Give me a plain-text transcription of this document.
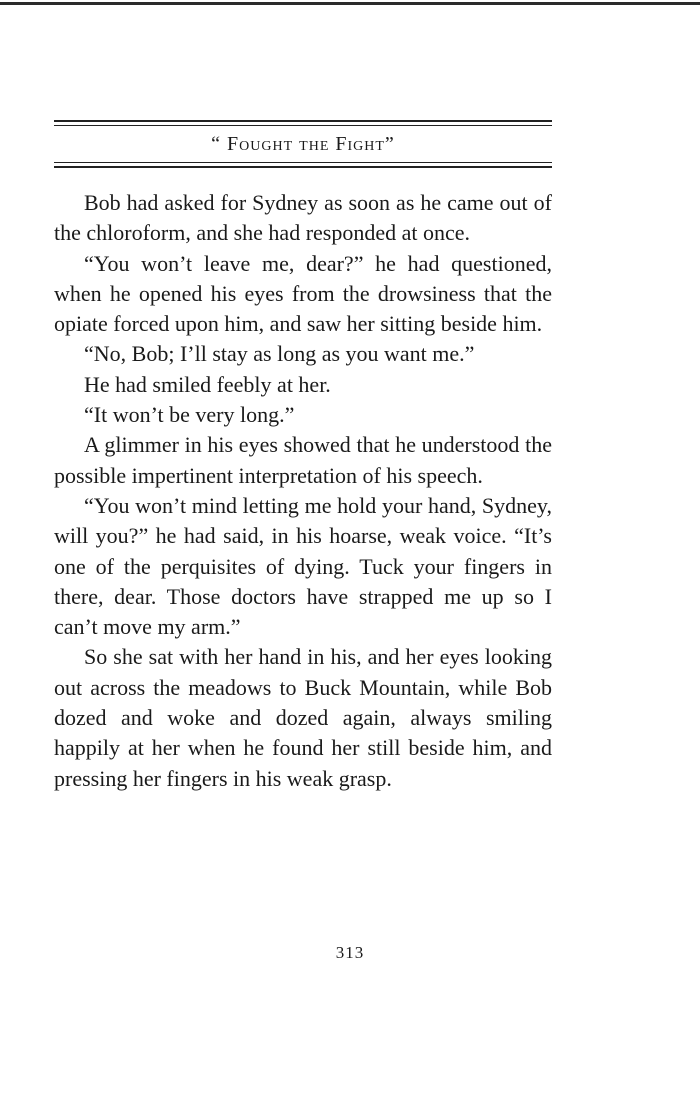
“ Fought the Fight”

Bob had asked for Sydney as soon as he came out of the chloroform, and she had responded at once.

“You won’t leave me, dear?” he had questioned, when he opened his eyes from the drowsiness that the opiate forced upon him, and saw her sitting beside him.

“No, Bob; I’ll stay as long as you want me.”

He had smiled feebly at her.

“It won’t be very long.”

A glimmer in his eyes showed that he understood the possible impertinent interpretation of his speech.

“You won’t mind letting me hold your hand, Sydney, will you?” he had said, in his hoarse, weak voice. “It’s one of the perquisites of dying. Tuck your fingers in there, dear. Those doctors have strapped me up so I can’t move my arm.”

So she sat with her hand in his, and her eyes looking out across the meadows to Buck Mountain, while Bob dozed and woke and dozed again, always smiling happily at her when he found her still beside him, and pressing her fingers in his weak grasp.

313
